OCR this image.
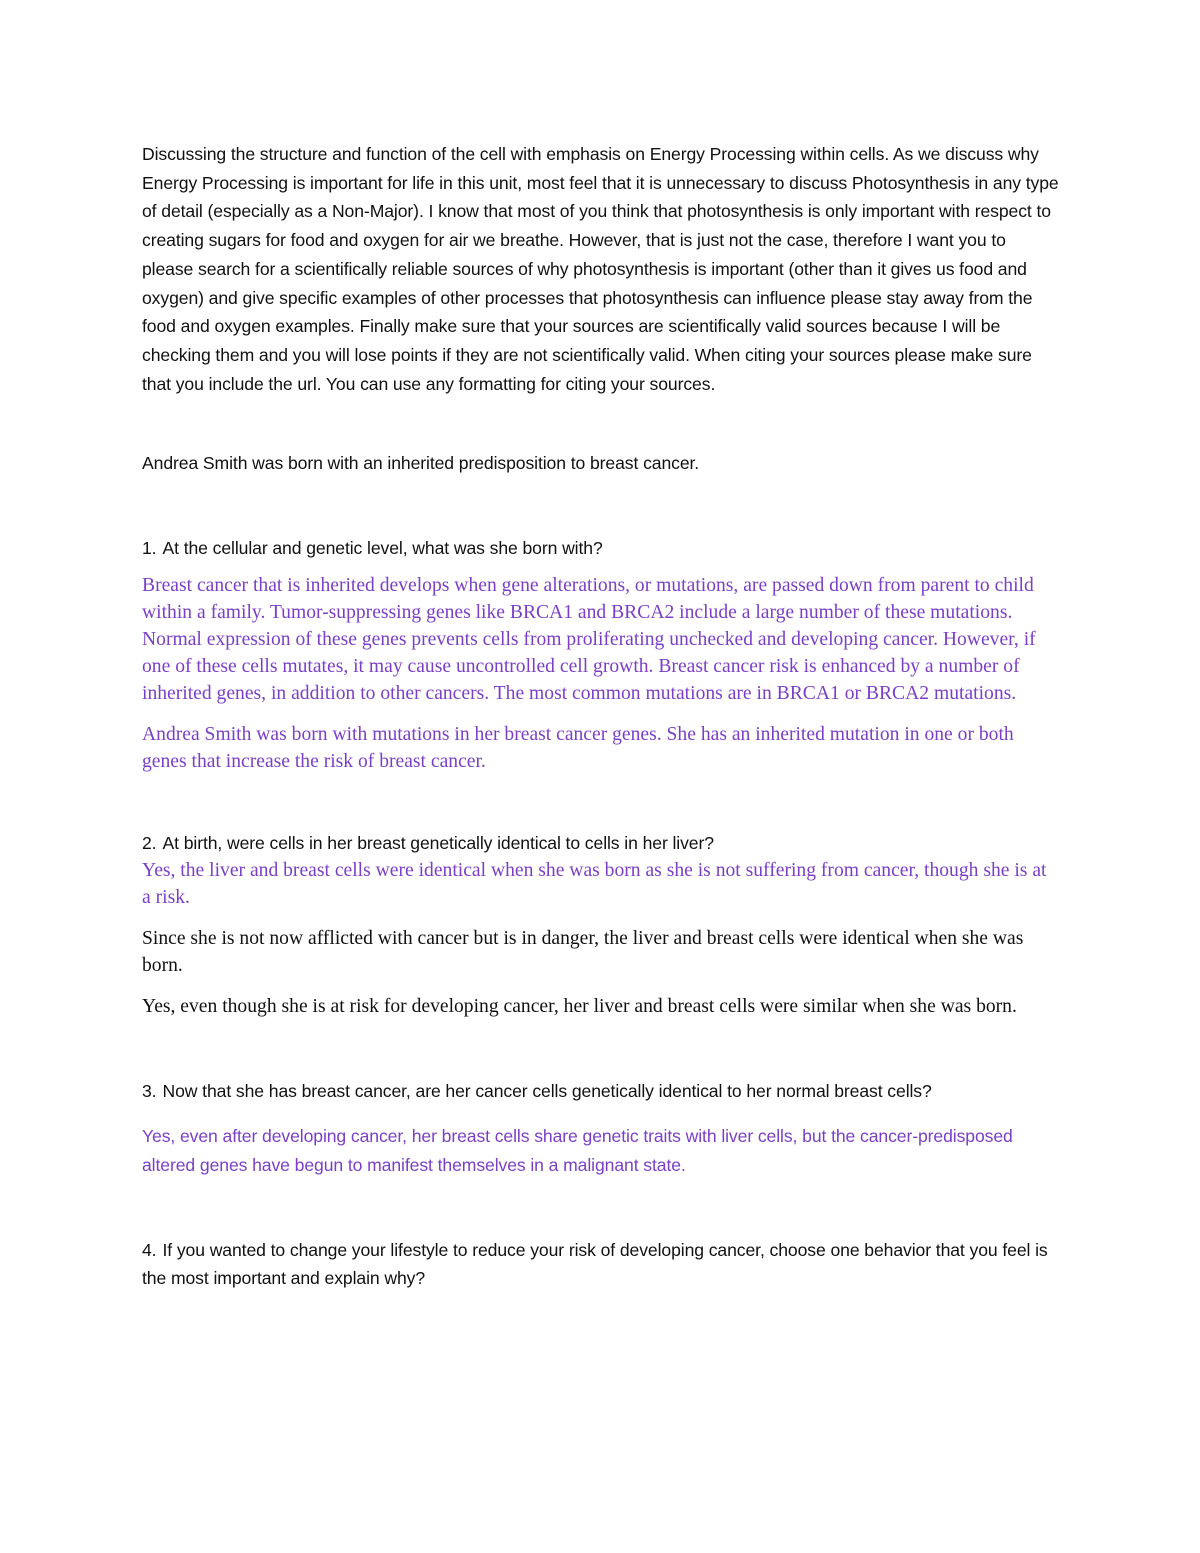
Discussing the structure and function of the cell with emphasis on Energy Processing within cells. As we discuss why Energy Processing is important for life in this unit, most feel that it is unnecessary to discuss Photosynthesis in any type of detail (especially as a Non-Major). I know that most of you think that photosynthesis is only important with respect to creating sugars for food and oxygen for air we breathe. However, that is just not the case, therefore I want you to please search for a scientifically reliable sources of why photosynthesis is important (other than it gives us food and oxygen) and give specific examples of other processes that photosynthesis can influence please stay away from the food and oxygen examples. Finally make sure that your sources are scientifically valid sources because I will be checking them and you will lose points if they are not scientifically valid. When citing your sources please make sure that you include the url. You can use any formatting for citing your sources.

Andrea Smith was born with an inherited predisposition to breast cancer.

1. At the cellular and genetic level, what was she born with?

Breast cancer that is inherited develops when gene alterations, or mutations, are passed down from parent to child within a family. Tumor-suppressing genes like BRCA1 and BRCA2 include a large number of these mutations. Normal expression of these genes prevents cells from proliferating unchecked and developing cancer. However, if one of these cells mutates, it may cause uncontrolled cell growth. Breast cancer risk is enhanced by a number of inherited genes, in addition to other cancers. The most common mutations are in BRCA1 or BRCA2 mutations.

Andrea Smith was born with mutations in her breast cancer genes. She has an inherited mutation in one or both genes that increase the risk of breast cancer.

2. At birth, were cells in her breast genetically identical to cells in her liver?

Yes, the liver and breast cells were identical when she was born as she is not suffering from cancer, though she is at a risk.

Since she is not now afflicted with cancer but is in danger, the liver and breast cells were identical when she was born.

Yes, even though she is at risk for developing cancer, her liver and breast cells were similar when she was born.

3. Now that she has breast cancer, are her cancer cells genetically identical to her normal breast cells?

Yes, even after developing cancer, her breast cells share genetic traits with liver cells, but the cancer-predisposed altered genes have begun to manifest themselves in a malignant state.

4. If you wanted to change your lifestyle to reduce your risk of developing cancer, choose one behavior that you feel is the most important and explain why?
